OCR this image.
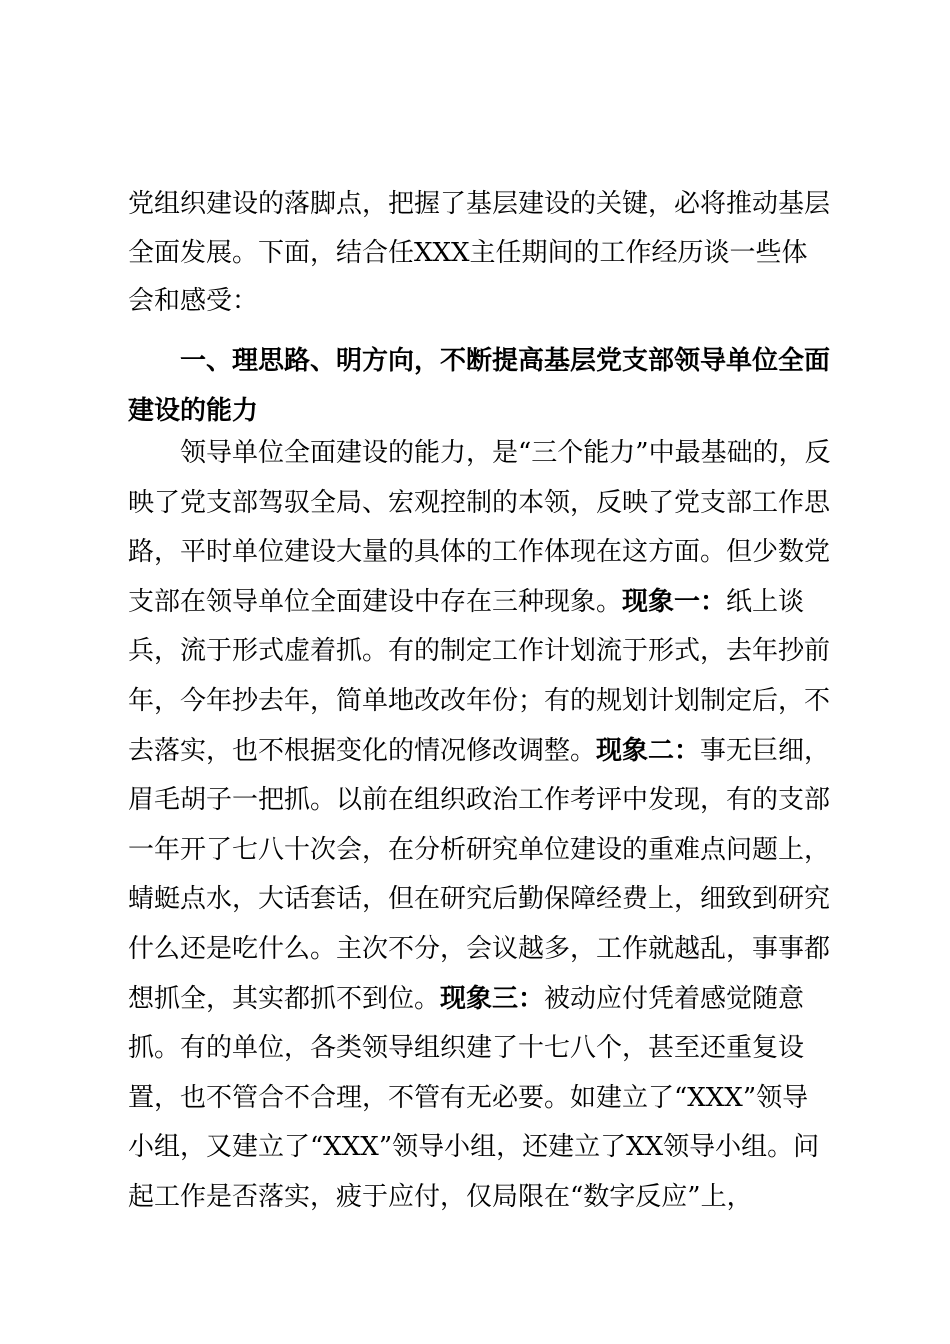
党组织建设的落脚点，把握了基层建设的关键，必将推动基层全面发展。下面，结合任XXX主任期间的工作经历谈一些体会和感受：

一、理思路、明方向，不断提高基层党支部领导单位全面建设的能力

领导单位全面建设的能力，是“三个能力”中最基础的，反映了党支部驾驭全局、宏观控制的本领，反映了党支部工作思路，平时单位建设大量的具体的工作体现在这方面。但少数党支部在领导单位全面建设中存在三种现象。现象一：纸上谈兵，流于形式虚着抓。有的制定工作计划流于形式，去年抄前年，今年抄去年，简单地改改年份；有的规划计划制定后，不去落实，也不根据变化的情况修改调整。现象二：事无巨细，眉毛胡子一把抓。以前在组织政治工作考评中发现，有的支部一年开了七八十次会，在分析研究单位建设的重难点问题上，蜻蜓点水，大话套话，但在研究后勤保障经费上，细致到研究什么还是吃什么。主次不分，会议越多，工作就越乱，事事都想抓全，其实都抓不到位。现象三：被动应付凭着感觉随意抓。有的单位，各类领导组织建了十七八个，甚至还重复设置，也不管合不合理，不管有无必要。如建立了“XXX”领导小组，又建立了“XXX”领导小组，还建立了XX领导小组。问起工作是否落实，疲于应付，仅局限在“数字反应”上，
